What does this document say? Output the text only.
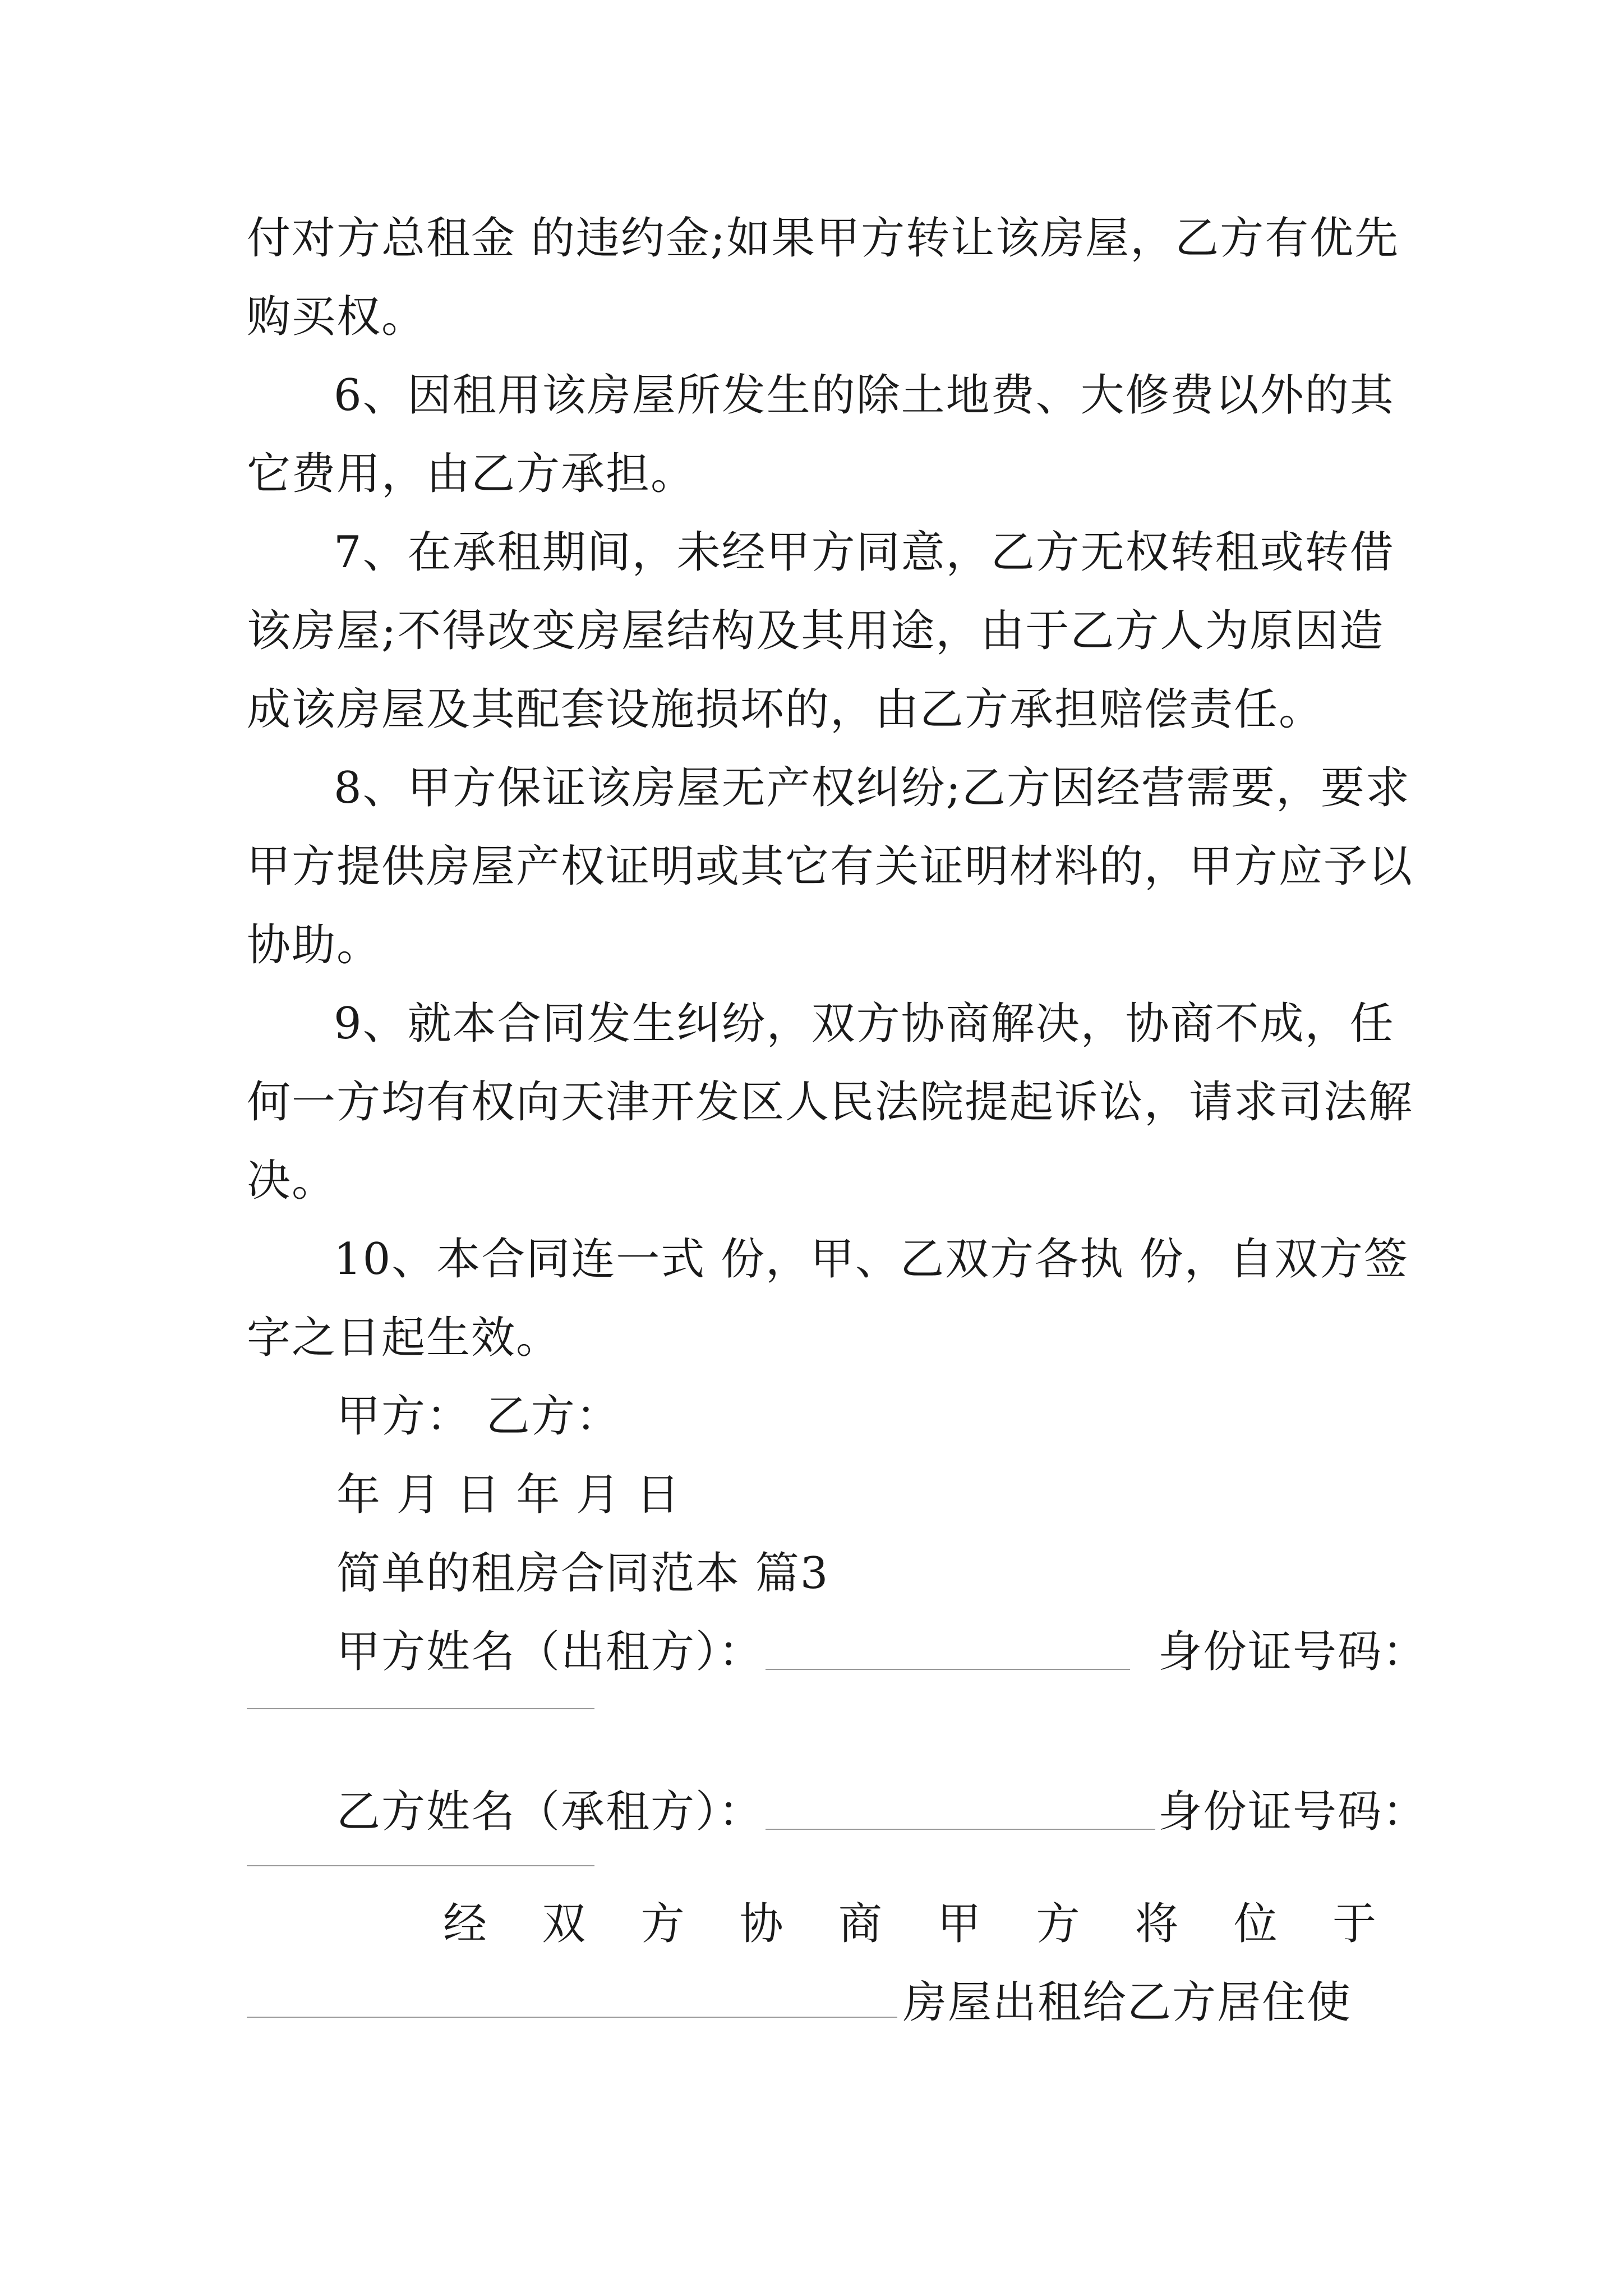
付对方总租金 的违约金;如果甲方转让该房屋，乙方有优先
购买权。
6、因租用该房屋所发生的除土地费、大修费以外的其
它费用，由乙方承担。
7、在承租期间，未经甲方同意，乙方无权转租或转借
该房屋;不得改变房屋结构及其用途，由于乙方人为原因造
成该房屋及其配套设施损坏的，由乙方承担赔偿责任。
8、甲方保证该房屋无产权纠纷;乙方因经营需要，要求
甲方提供房屋产权证明或其它有关证明材料的，甲方应予以
协助。
9、就本合同发生纠纷，双方协商解决，协商不成，任
何一方均有权向天津开发区人民法院提起诉讼，请求司法解
决。
10、本合同连一式 份，甲、乙双方各执 份，自双方签
字之日起生效。
甲方： 乙方：
年 月 日 年 月 日
简单的租房合同范本 篇3
甲方姓名（出租方）：	身份证号码：
乙方姓名（承租方）：	身份证号码：
经 双 方 协 商 甲 方 将 位 于
房屋出租给乙方居住使
